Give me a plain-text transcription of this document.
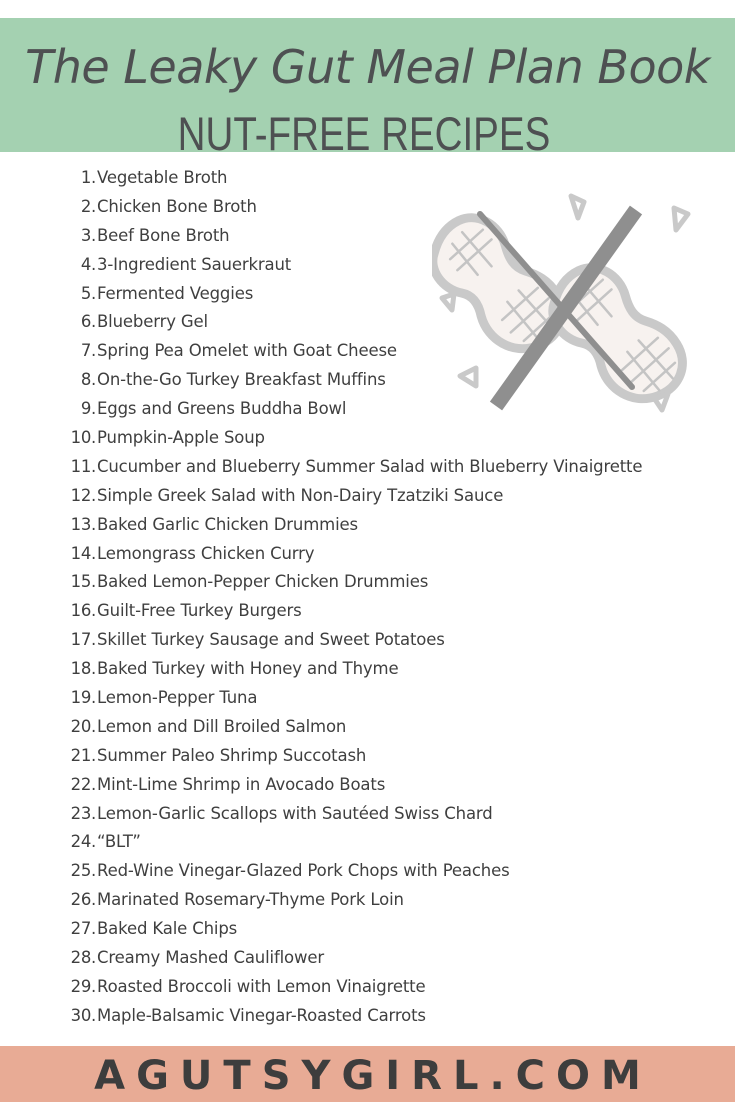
The Leaky Gut Meal Plan Book
NUT-FREE RECIPES
1.Vegetable Broth
2.Chicken Bone Broth
3.Beef Bone Broth
4.3-Ingredient Sauerkraut
5.Fermented Veggies
6.Blueberry Gel
7.Spring Pea Omelet with Goat Cheese
8.On-the-Go Turkey Breakfast Muffins
9.Eggs and Greens Buddha Bowl
10.Pumpkin-Apple Soup
11.Cucumber and Blueberry Summer Salad with Blueberry Vinaigrette
12.Simple Greek Salad with Non-Dairy Tzatziki Sauce
13.Baked Garlic Chicken Drummies
14.Lemongrass Chicken Curry
15.Baked Lemon-Pepper Chicken Drummies
16.Guilt-Free Turkey Burgers
17.Skillet Turkey Sausage and Sweet Potatoes
18.Baked Turkey with Honey and Thyme
19.Lemon-Pepper Tuna
20.Lemon and Dill Broiled Salmon
21.Summer Paleo Shrimp Succotash
22.Mint-Lime Shrimp in Avocado Boats
23.Lemon-Garlic Scallops with Sautéed Swiss Chard
24.“BLT”
25.Red-Wine Vinegar-Glazed Pork Chops with Peaches
26.Marinated Rosemary-Thyme Pork Loin
27.Baked Kale Chips
28.Creamy Mashed Cauliflower
29.Roasted Broccoli with Lemon Vinaigrette
30.Maple-Balsamic Vinegar-Roasted Carrots
AGUTSYGIRL.COM
